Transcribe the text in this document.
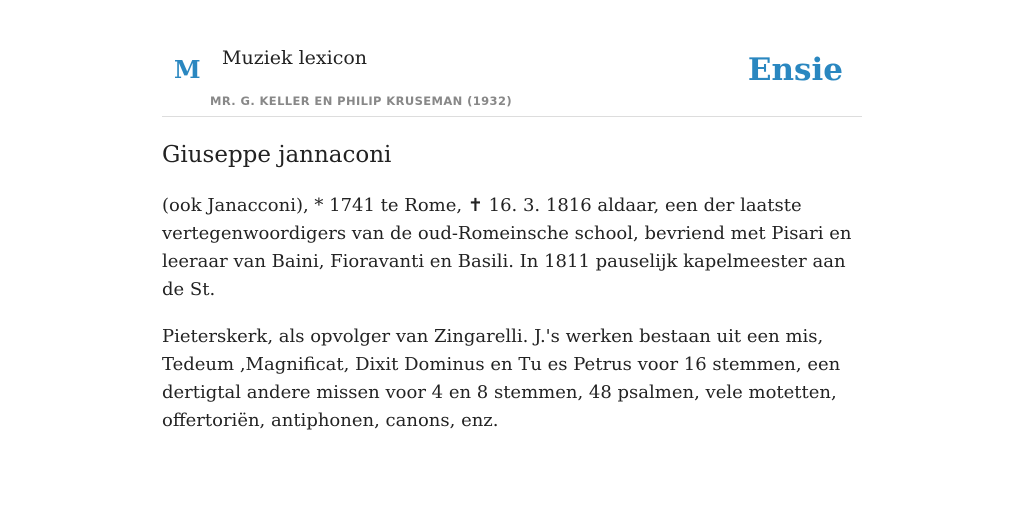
M Muziek lexicon
MR. G. KELLER EN PHILIP KRUSEMAN (1932)
Ensie
Giuseppe jannaconi

(ook Janacconi), * 1741 te Rome, ✝ 16. 3. 1816 aldaar, een der laatste vertegenwoordigers van de oud-Romeinsche school, bevriend met Pisari en leeraar van Baini, Fioravanti en Basili. In 1811 pauselijk kapelmeester aan de St.

Pieterskerk, als opvolger van Zingarelli. J.'s werken bestaan uit een mis, Tedeum ,Magnificat, Dixit Dominus en Tu es Petrus voor 16 stemmen, een dertigtal andere missen voor 4 en 8 stemmen, 48 psalmen, vele motetten, offertoriën, antiphonen, canons, enz.
